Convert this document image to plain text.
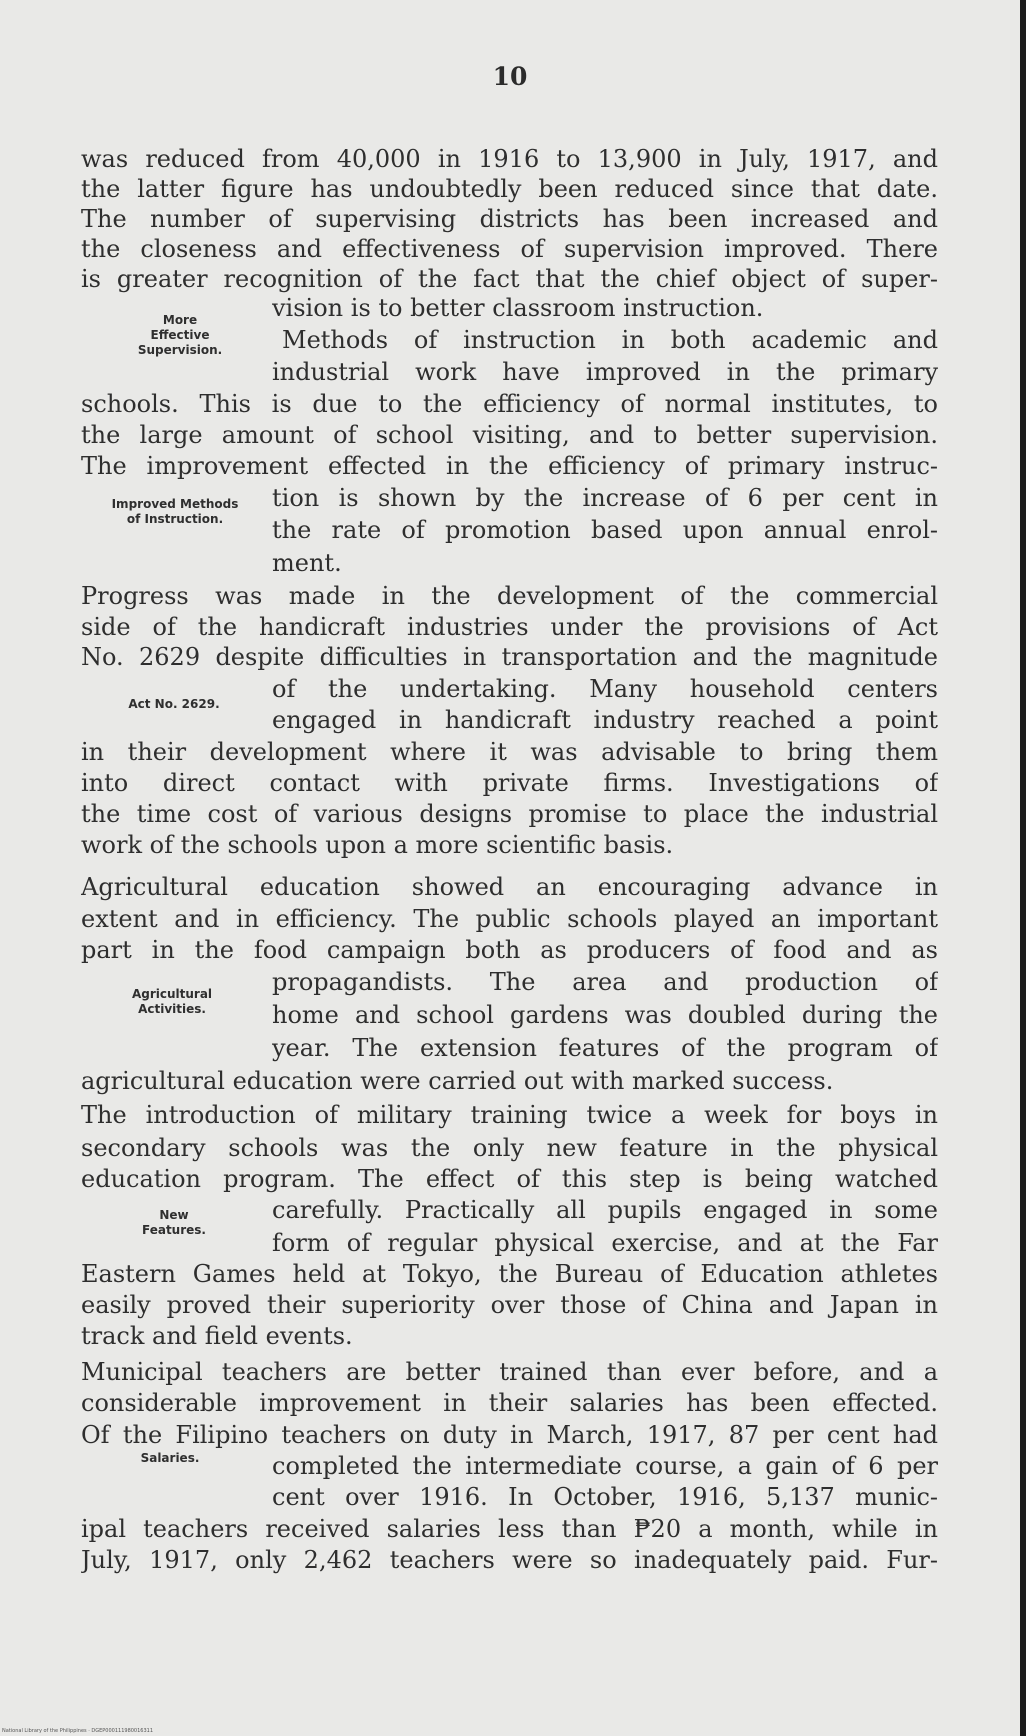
10
was reduced from 40,000 in 1916 to 13,900 in July, 1917, and
the latter figure has undoubtedly been reduced since that date.
The number of supervising districts has been increased and
the closeness and effectiveness of supervision improved. There
is greater recognition of the fact that the chief object of super-
vision is to better classroom instruction.
Methods of instruction in both academic and
industrial work have improved in the primary
schools. This is due to the efficiency of normal institutes, to
the large amount of school visiting, and to better supervision.
The improvement effected in the efficiency of primary instruc-
tion is shown by the increase of 6 per cent in
the rate of promotion based upon annual enrol-
ment.
Progress was made in the development of the commercial
side of the handicraft industries under the provisions of Act
No. 2629 despite difficulties in transportation and the magnitude
of the undertaking. Many household centers
engaged in handicraft industry reached a point
in their development where it was advisable to bring them
into direct contact with private firms. Investigations of
the time cost of various designs promise to place the industrial
work of the schools upon a more scientific basis.
Agricultural education showed an encouraging advance in
extent and in efficiency. The public schools played an important
part in the food campaign both as producers of food and as
propagandists. The area and production of
home and school gardens was doubled during the
year. The extension features of the program of
agricultural education were carried out with marked success.
The introduction of military training twice a week for boys in
secondary schools was the only new feature in the physical
education program. The effect of this step is being watched
carefully. Practically all pupils engaged in some
form of regular physical exercise, and at the Far
Eastern Games held at Tokyo, the Bureau of Education athletes
easily proved their superiority over those of China and Japan in
track and field events.
Municipal teachers are better trained than ever before, and a
considerable improvement in their salaries has been effected.
Of the Filipino teachers on duty in March, 1917, 87 per cent had
completed the intermediate course, a gain of 6 per
cent over 1916. In October, 1916, 5,137 munic-
ipal teachers received salaries less than ₱20 a month, while in
July, 1917, only 2,462 teachers were so inadequately paid. Fur-
More
Effective
Supervision.
Improved Methods
of Instruction.
Act No. 2629.
Agricultural
Activities.
New
Features.
Salaries.
National Library of the Philippines · DGEP000111980016311
